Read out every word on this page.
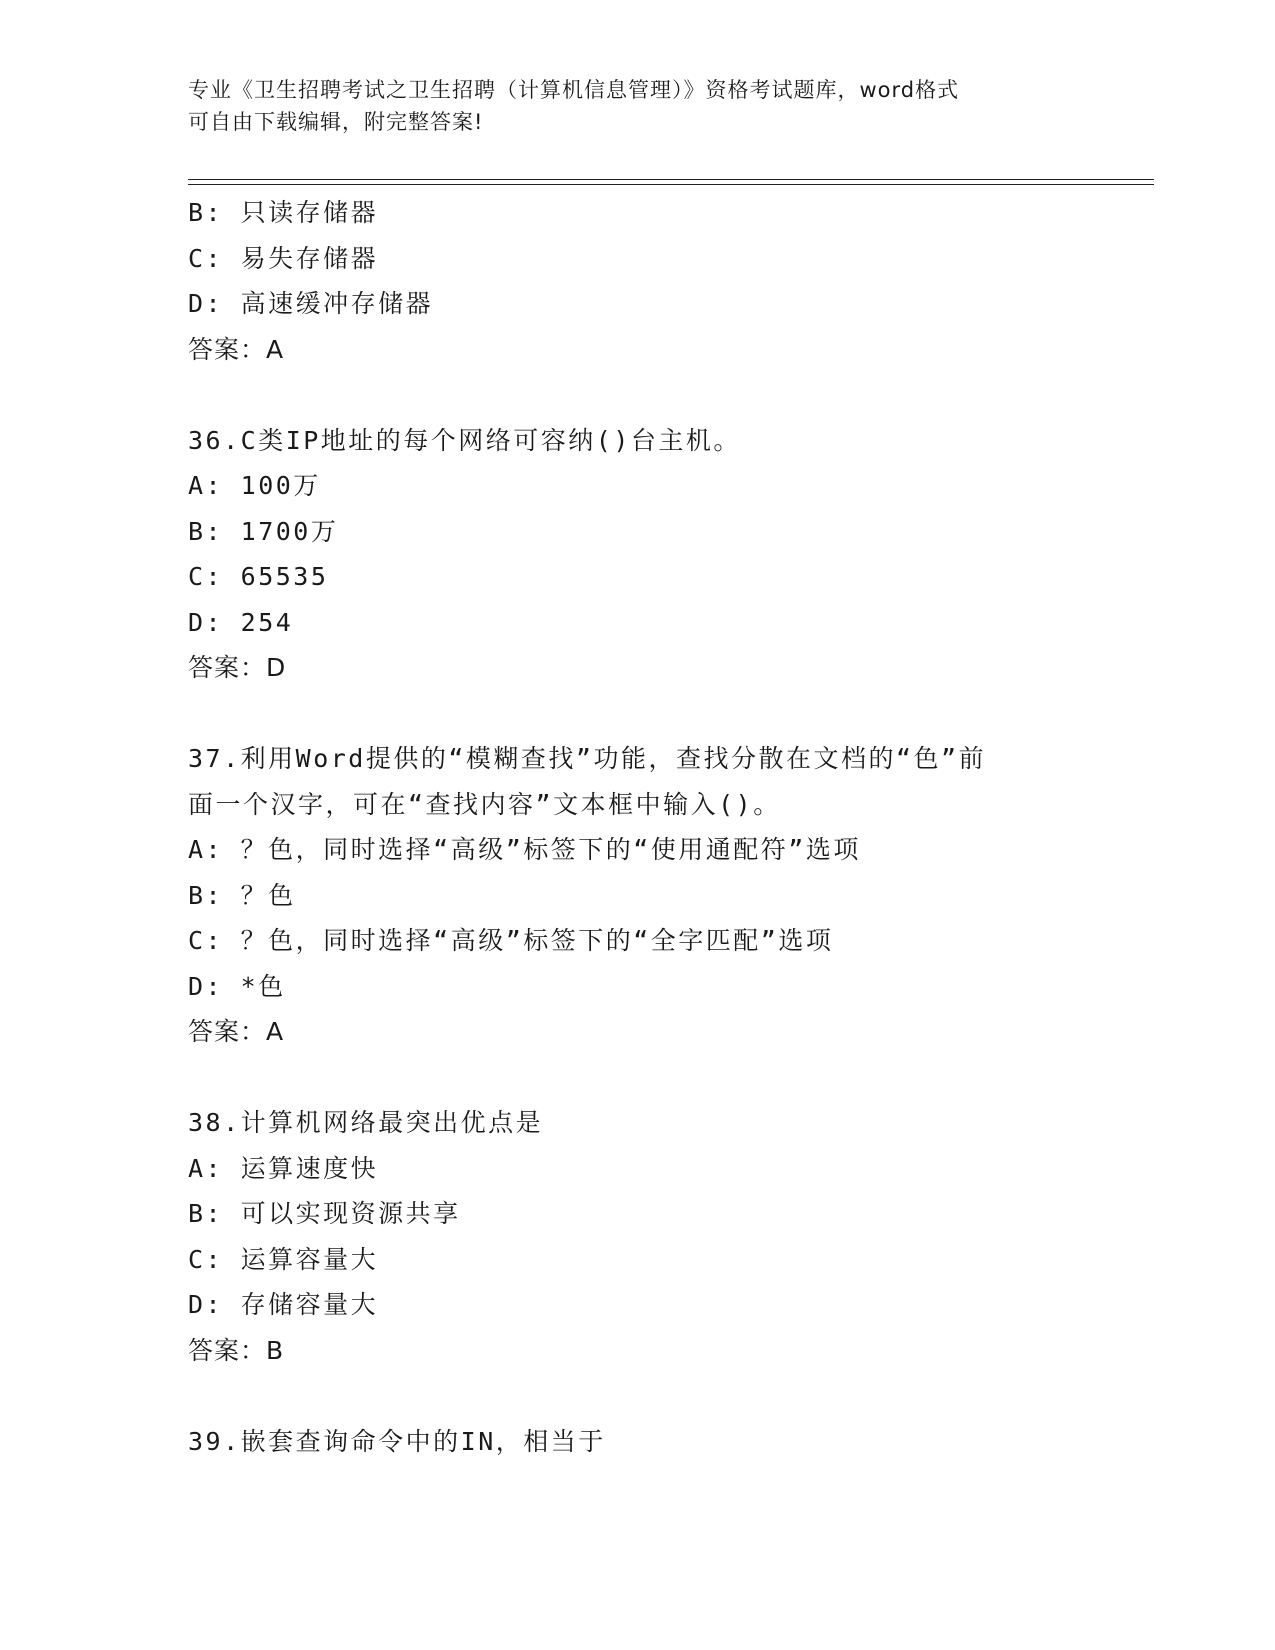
专业《卫生招聘考试之卫生招聘（计算机信息管理）》资格考试题库，word格式
可自由下载编辑，附完整答案!
B: 只读存储器
C: 易失存储器
D: 高速缓冲存储器
答案：A
36.C类IP地址的每个网络可容纳()台主机。
A: 100万
B: 1700万
C: 65535
D: 254
答案：D
37.利用Word提供的“模糊查找”功能，查找分散在文档的“色”前
面一个汉字，可在“查找内容”文本框中输入()。
A: ？色，同时选择“高级”标签下的“使用通配符”选项
B: ？色
C: ？色，同时选择“高级”标签下的“全字匹配”选项
D: *色
答案：A
38.计算机网络最突出优点是
A: 运算速度快
B: 可以实现资源共享
C: 运算容量大
D: 存储容量大
答案：B
39.嵌套查询命令中的IN，相当于
